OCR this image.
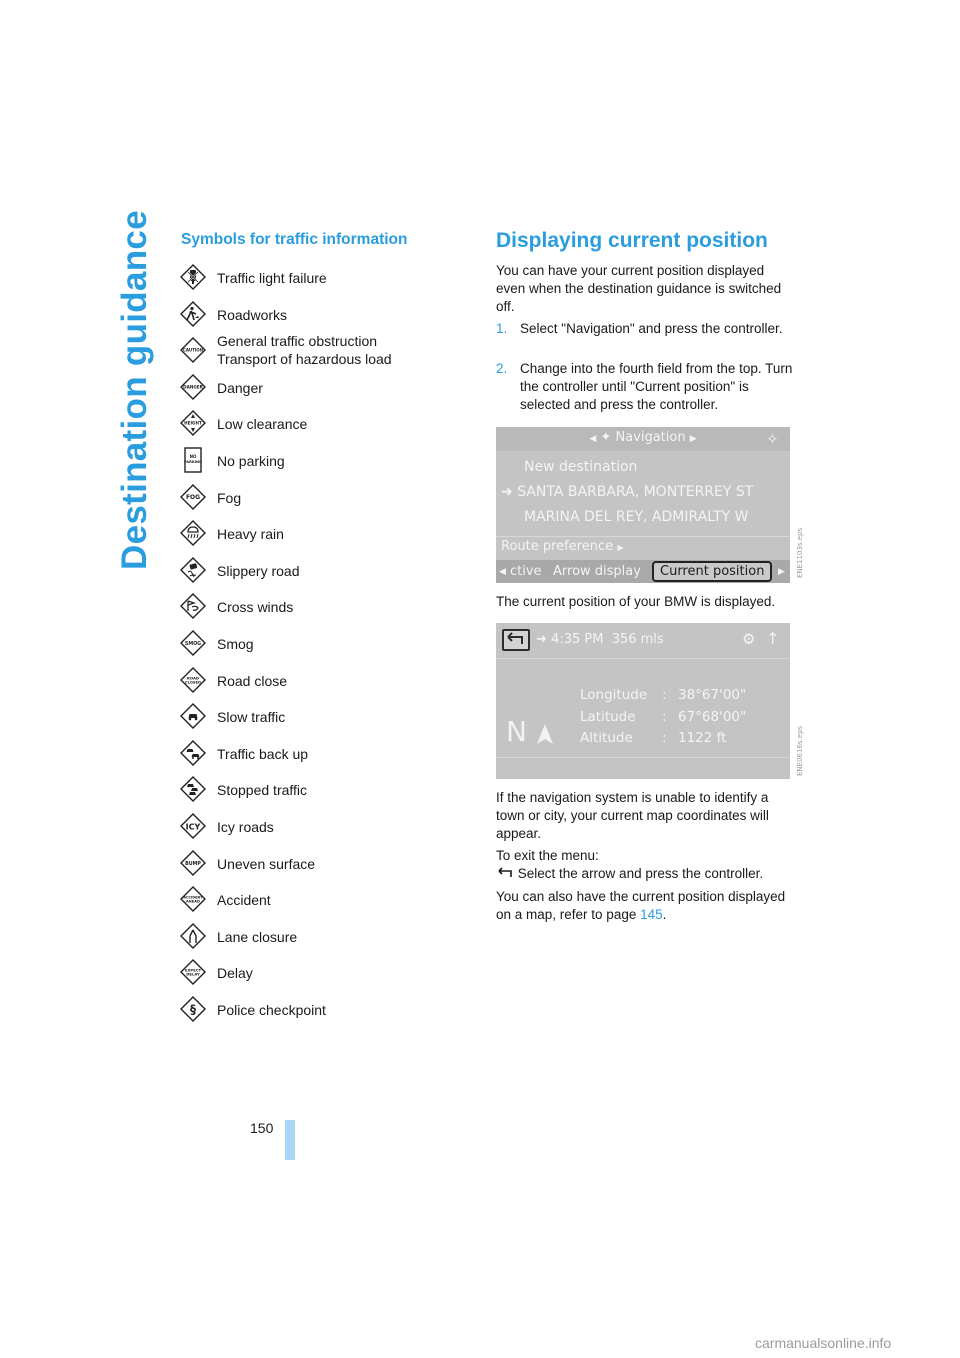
Destination guidance Symbols for traffic information
Traffic light failure
Roadworks
CAUTION
General traffic obstruction
Transport of hazardous load
DANGER Danger
HEIGHT Low clearance
NO
PARKING No parking
FOG Fog
Heavy rain
Slippery road
Cross winds
SMOG Smog
ROAD
CLOSED Road close
Slow traffic
Traffic back up
Stopped traffic
ICY Icy roads
BUMP Uneven surface
ACCIDENT
AHEAD Accident
Lane closure
EXPECT
DELAY Delay
§ Police checkpoint
Displaying current position
You can have your current position displayed even when the destination guidance is switched off.
1. Select "Navigation" and press the controller.
2. Change into the fourth field from the top. Turn the controller until "Current position" is selected and press the controller.
◀ ✦ Navigation ▶	✧
New destination
➜ SANTA BARBARA, MONTERREY ST
MARINA DEL REY, ADMIRALTY W
Route preference ▶
◀ ctive Arrow display Current position ▶ ENE1103s.eps
The current position of your BMW is displayed.
➜ 4:35 PM 356 mls	⚙ ↑
Longitude : 38°67'00"
Latitude : 67°68'00"
Altitude : 1122 ft
N	ENE0616s.eps
If the navigation system is unable to identify a town or city, your current map coordinates will appear.
To exit the menu:
Select the arrow and press the controller.
You can also have the current position displayed on a map, refer to page 145.
150
carmanualsonline.info
